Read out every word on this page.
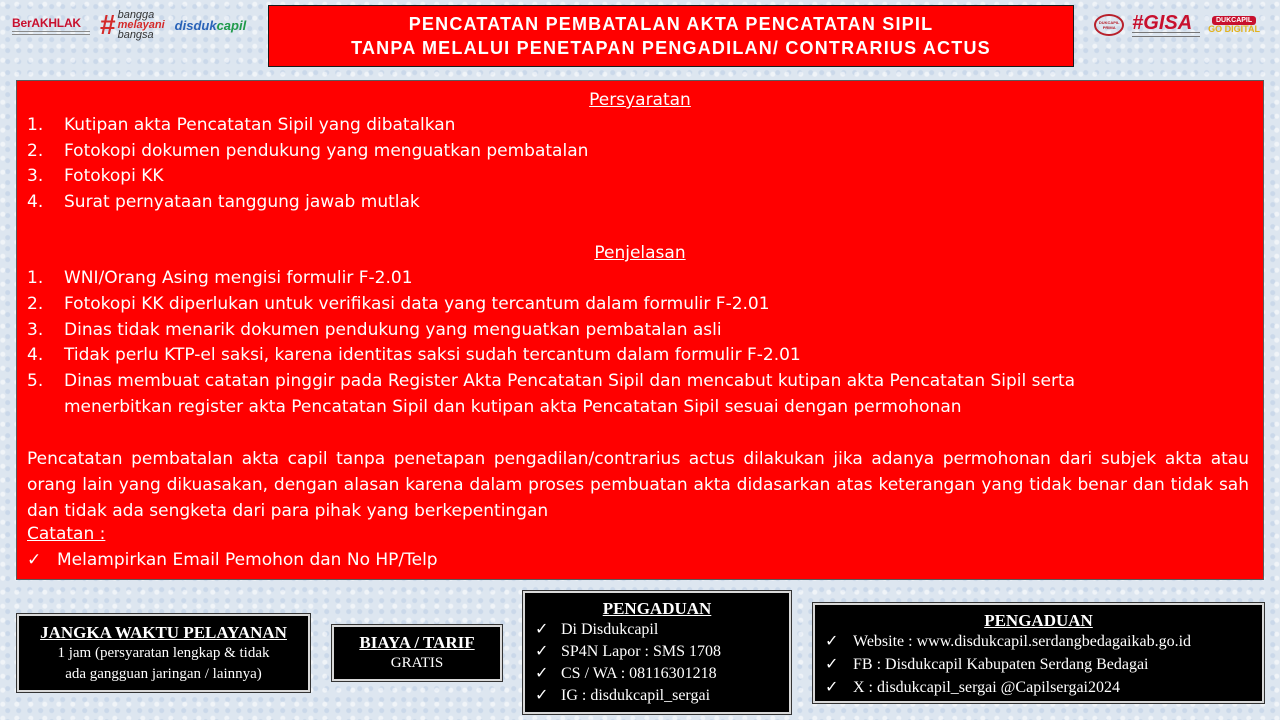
BerAKHLAK # bangga
melayani
bangsa
disdukcapil	DUKCAPIL PRIMA #GISA	DUKCAPIL
GO DIGITAL
PENCATATAN PEMBATALAN AKTA PENCATATAN SIPIL
TANPA MELALUI PENETAPAN PENGADILAN/ CONTRARIUS ACTUS
Persyaratan
1. Kutipan akta Pencatatan Sipil yang dibatalkan
2. Fotokopi dokumen pendukung yang menguatkan pembatalan
3. Fotokopi KK
4. Surat pernyataan tanggung jawab mutlak
Penjelasan
1. WNI/Orang Asing mengisi formulir F-2.01
2. Fotokopi KK diperlukan untuk verifikasi data yang tercantum dalam formulir F-2.01
3. Dinas tidak menarik dokumen pendukung yang menguatkan pembatalan asli
4. Tidak perlu KTP-el saksi, karena identitas saksi sudah tercantum dalam formulir F-2.01
5. Dinas membuat catatan pinggir pada Register Akta Pencatatan Sipil dan mencabut kutipan akta Pencatatan Sipil serta
menerbitkan register akta Pencatatan Sipil dan kutipan akta Pencatatan Sipil sesuai dengan permohonan
Pencatatan pembatalan akta capil tanpa penetapan pengadilan/contrarius actus dilakukan jika adanya permohonan dari subjek akta atau orang lain yang dikuasakan, dengan alasan karena dalam proses pembuatan akta didasarkan atas keterangan yang tidak benar dan tidak sah dan tidak ada sengketa dari para pihak yang berkepentingan
Catatan :
✓ Melampirkan Email Pemohon dan No HP/Telp
JANGKA WAKTU PELAYANAN
1 jam (persyaratan lengkap & tidak
ada gangguan jaringan / lainnya)
BIAYA / TARIF
GRATIS
PENGADUAN
✓ Di Disdukcapil
✓ SP4N Lapor : SMS 1708
✓ CS / WA : 08116301218
✓ IG : disdukcapil_sergai
PENGADUAN
✓ Website : www.disdukcapil.serdangbedagaikab.go.id
✓ FB : Disdukcapil Kabupaten Serdang Bedagai
✓ X : disdukcapil_sergai @Capilsergai2024
